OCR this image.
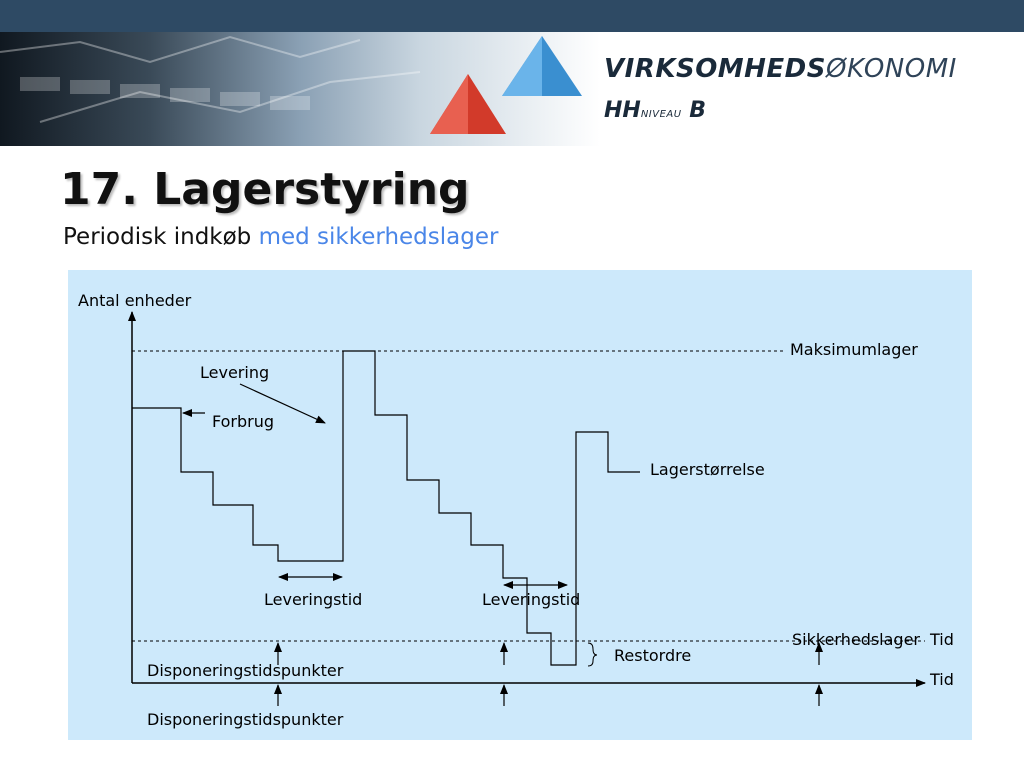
VIRKSOMHEDSØKONOMI
HHNIVEAU B
17. Lagerstyring
Periodisk indkøb med sikkerhedslager
Antal enheder
Tid
Maksimumlager
Sikkerhedslager Tid
Levering
Forbrug
Lagerstørrelse
Leveringstid	Leveringstid
Restordre
Disponeringstidspunkter
Disponeringstidspunkter
